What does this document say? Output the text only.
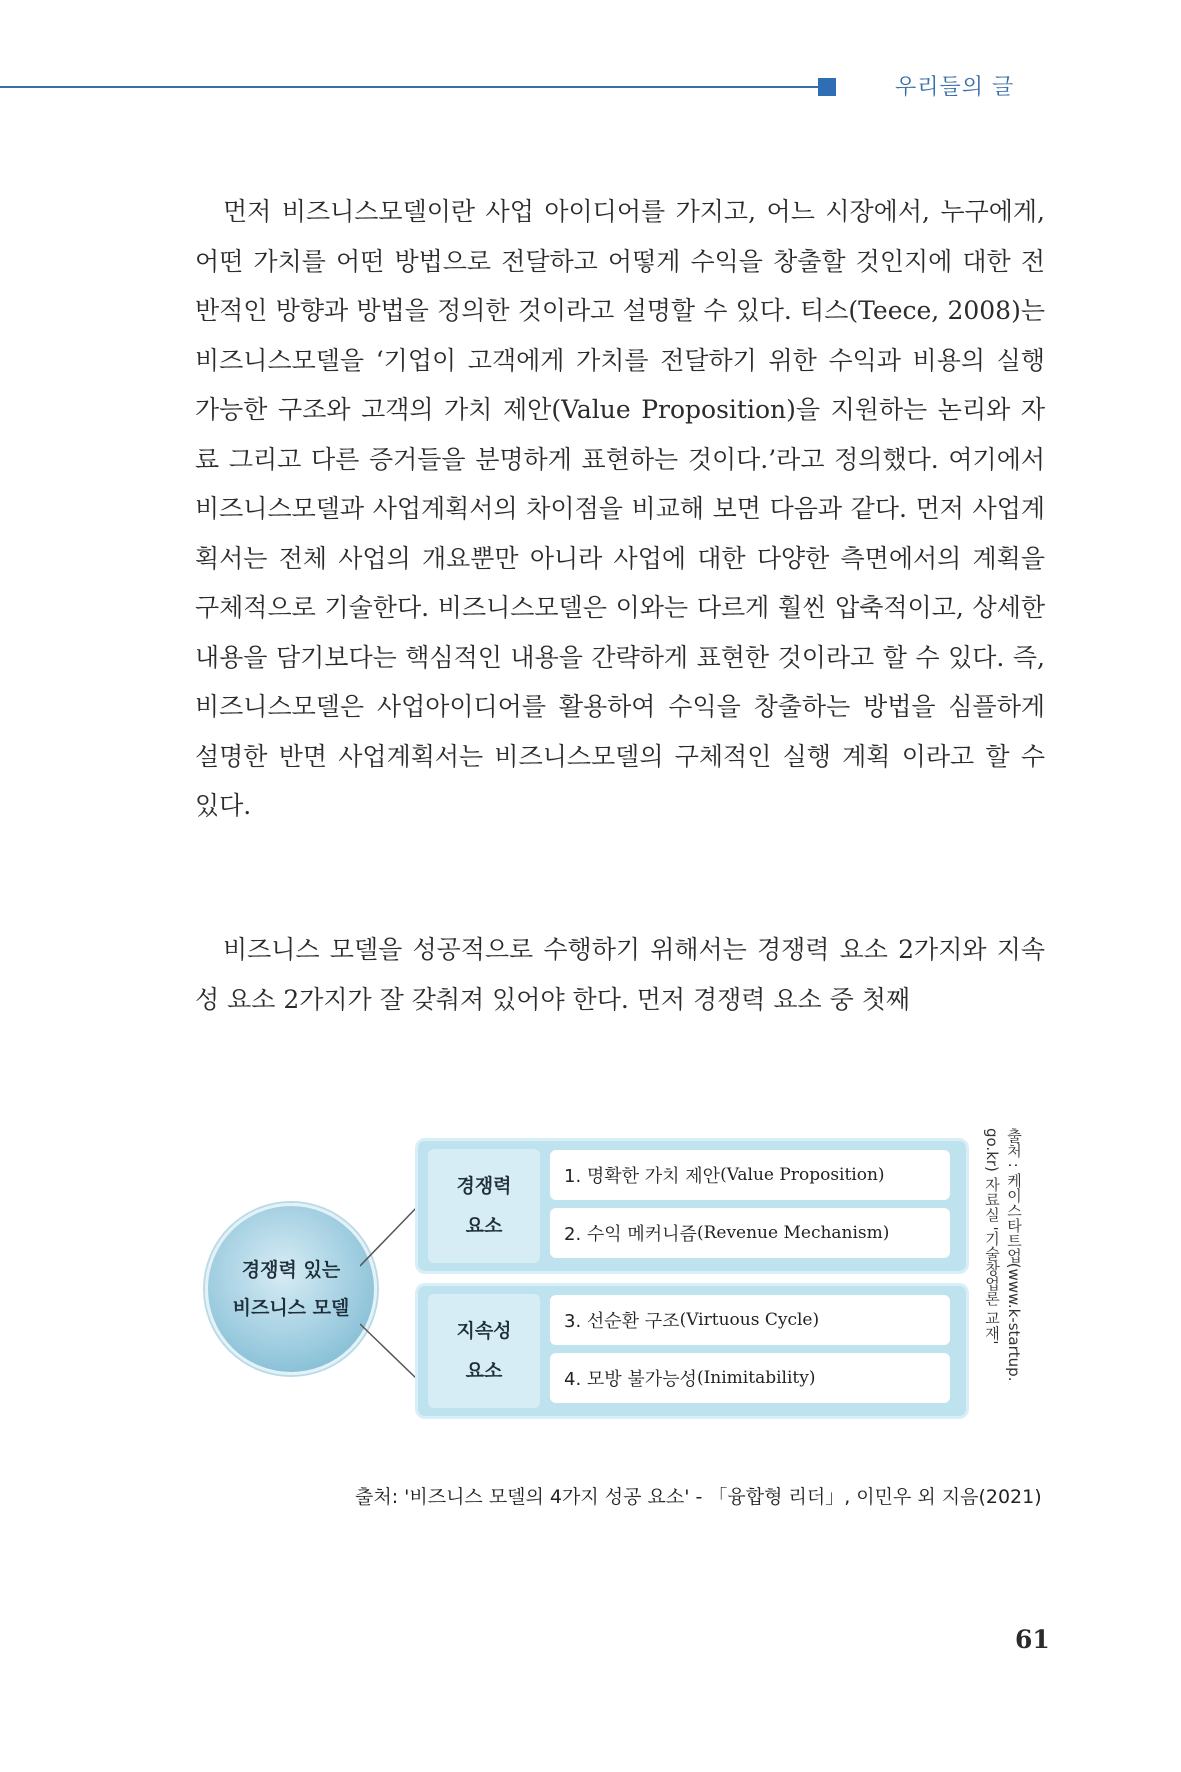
우리들의 글

먼저 비즈니스모델이란 사업 아이디어를 가지고, 어느 시장에서, 누구에게, 어떤 가치를 어떤 방법으로 전달하고 어떻게 수익을 창출할 것인지에 대한 전반적인 방향과 방법을 정의한 것이라고 설명할 수 있다. 티스(Teece, 2008)는 비즈니스모델을 ‘기업이 고객에게 가치를 전달하기 위한 수익과 비용의 실행 가능한 구조와 고객의 가치 제안(Value Proposition)을 지원하는 논리와 자료 그리고 다른 증거들을 분명하게 표현하는 것이다.’라고 정의했다. 여기에서 비즈니스모델과 사업계획서의 차이점을 비교해 보면 다음과 같다. 먼저 사업계획서는 전체 사업의 개요뿐만 아니라 사업에 대한 다양한 측면에서의 계획을 구체적으로 기술한다. 비즈니스모델은 이와는 다르게 훨씬 압축적이고, 상세한 내용을 담기보다는 핵심적인 내용을 간략하게 표현한 것이라고 할 수 있다. 즉, 비즈니스모델은 사업아이디어를 활용하여 수익을 창출하는 방법을 심플하게 설명한 반면 사업계획서는 비즈니스모델의 구체적인 실행 계획 이라고 할 수 있다.

비즈니스 모델을 성공적으로 수행하기 위해서는 경쟁력 요소 2가지와 지속성 요소 2가지가 잘 갖춰져 있어야 한다. 먼저 경쟁력 요소 중 첫째

경쟁력 있는
비즈니스 모델
경쟁력
요소
1. 명확한 가치 제안 (Value Proposition)
2. 수익 메커니즘 (Revenue Mechanism)
지속성
요소
3. 선순환 구조 (Virtuous Cycle)
4. 모방 불가능성 (Inimitability)	출처 : 케이스타트업(www.k-startup.
go.kr) 자료실 '기술창업론 교재'
출처: '비즈니스 모델의 4가지 성공 요소' - 「융합형 리더」, 이민우 외 지음(2021)
61
